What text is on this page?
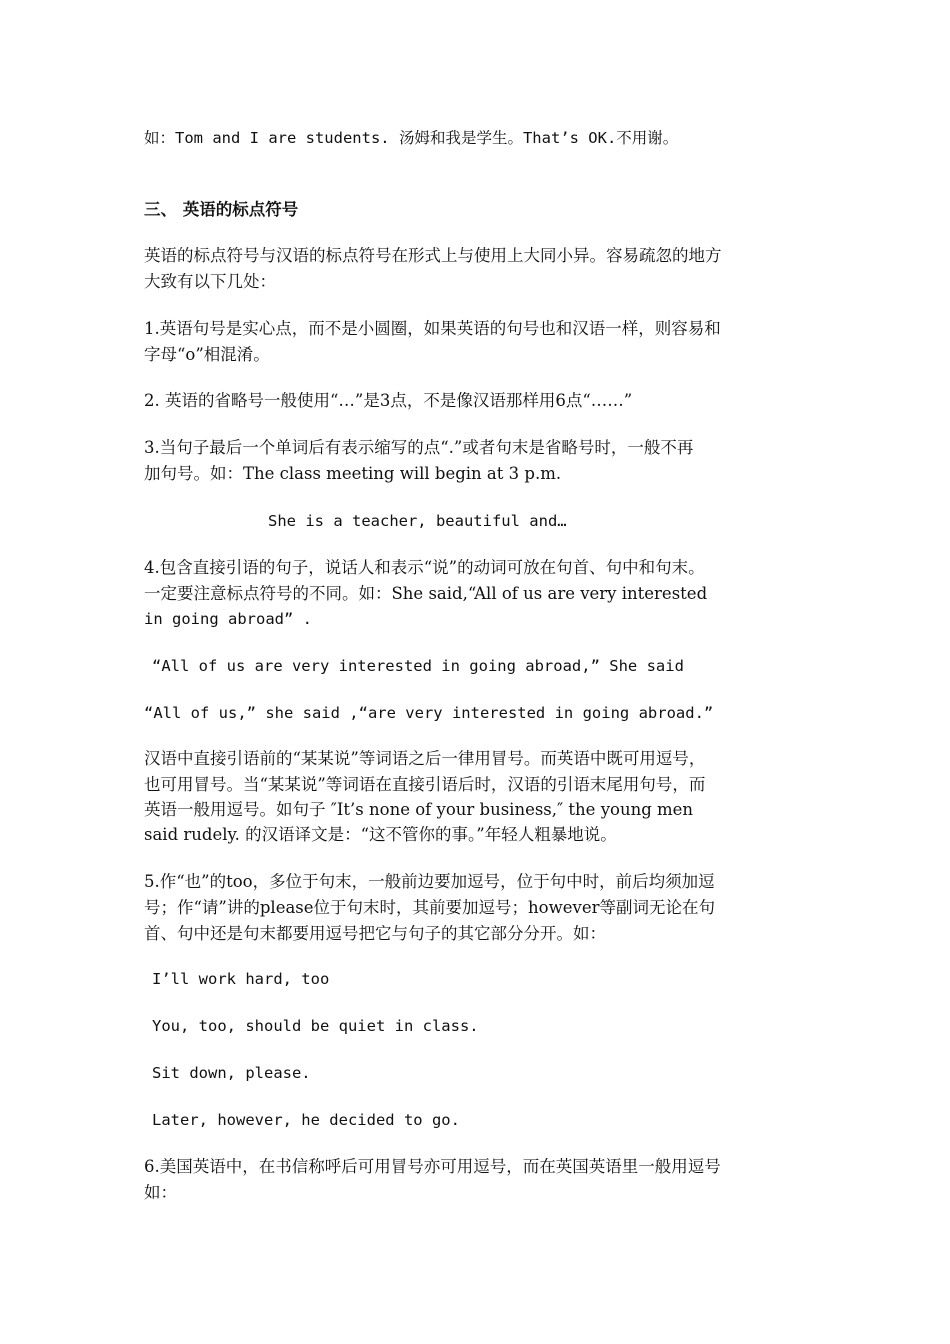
如：Tom and I are students. 汤姆和我是学生。That’s OK.不用谢。
三、 英语的标点符号
英语的标点符号与汉语的标点符号在形式上与使用上大同小异。容易疏忽的地方
大致有以下几处：
1.英语句号是实心点，而不是小圆圈，如果英语的句号也和汉语一样，则容易和
字母“o”相混淆。
2. 英语的省略号一般使用“…”是3点，不是像汉语那样用6点“……”
3.当句子最后一个单词后有表示缩写的点“.”或者句末是省略号时，一般不再
加句号。如：The class meeting will begin at 3 p.m.
She is a teacher, beautiful and…
4.包含直接引语的句子，说话人和表示“说”的动词可放在句首、句中和句末。
一定要注意标点符号的不同。如：She said,“All of us are very interested
in going abroad” .
“All of us are very interested in going abroad,” She said
“All of us,” she said ,“are very interested in going abroad.”
汉语中直接引语前的“某某说”等词语之后一律用冒号。而英语中既可用逗号，
也可用冒号。当“某某说”等词语在直接引语后时，汉语的引语末尾用句号，而
英语一般用逗号。如句子 ″It’s none of your business,″ the young men
said rudely. 的汉语译文是：“这不管你的事。”年轻人粗暴地说。
5.作“也”的too，多位于句末，一般前边要加逗号，位于句中时，前后均须加逗
号；作“请”讲的please位于句末时，其前要加逗号；however等副词无论在句
首、句中还是句末都要用逗号把它与句子的其它部分分开。如：
I’ll work hard, too
You, too, should be quiet in class.
Sit down, please.
Later, however, he decided to go.
6.美国英语中，在书信称呼后可用冒号亦可用逗号，而在英国英语里一般用逗号
如：
